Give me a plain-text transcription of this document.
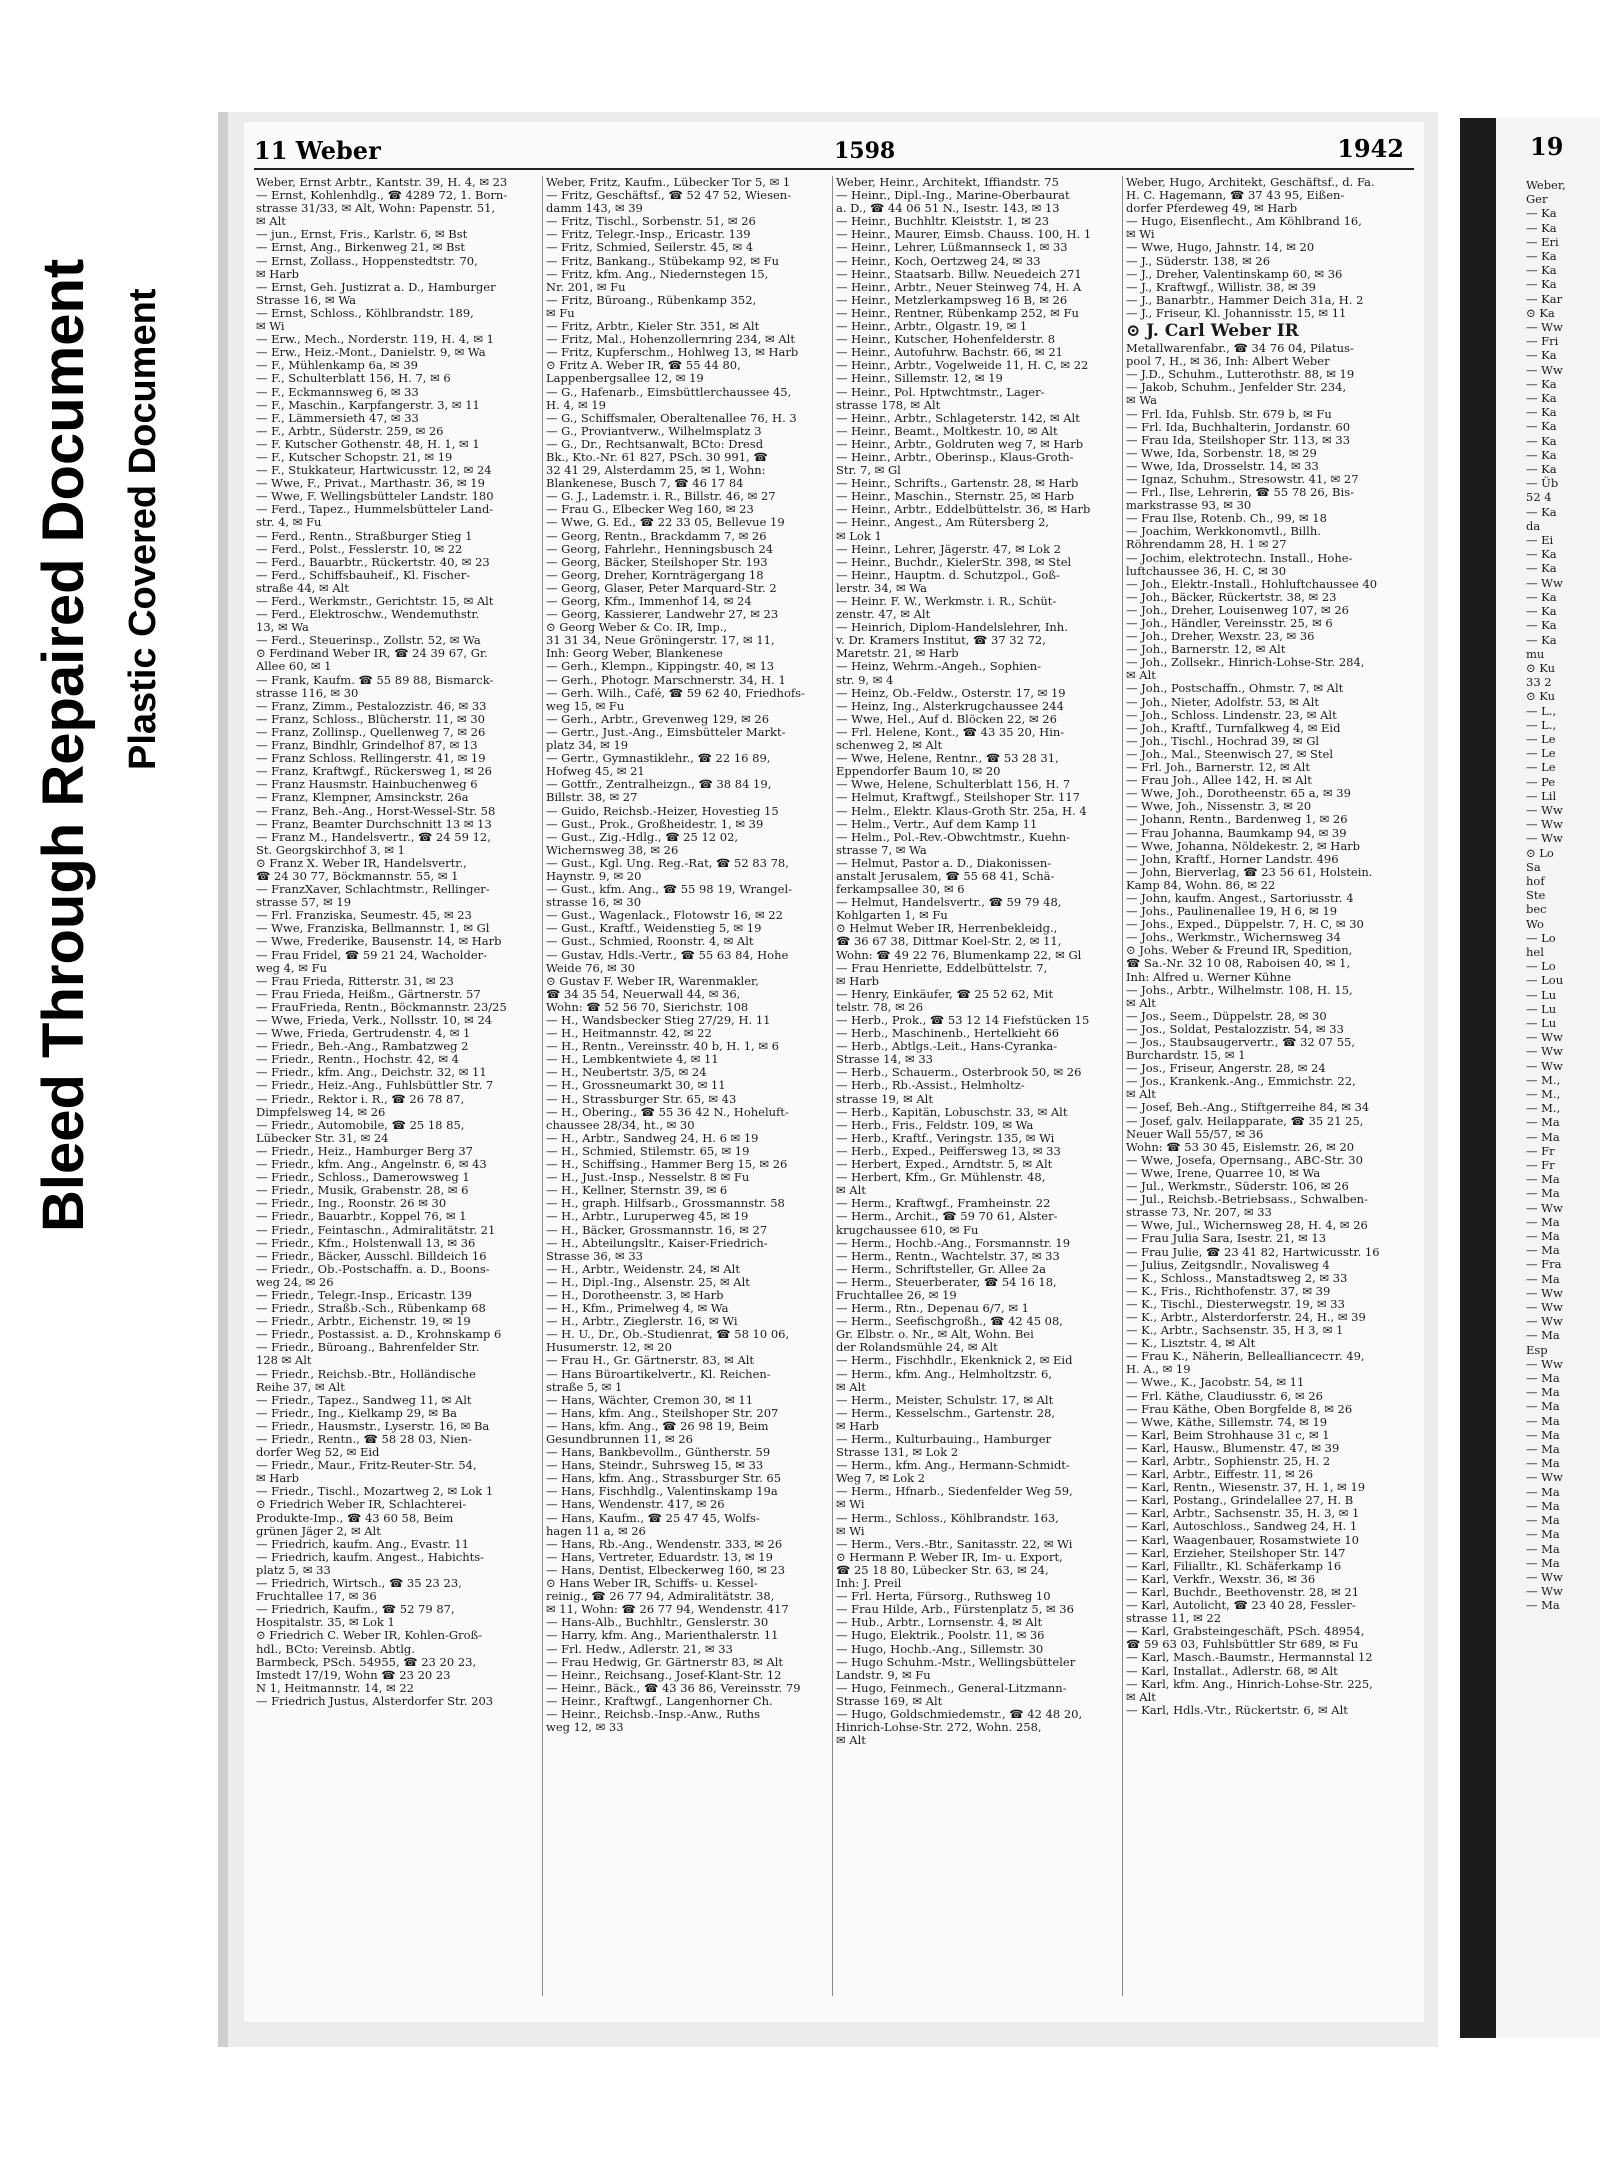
Bleed Through Repaired Document Plastic Covered Document
11 Weber	1598	1942
Weber, Ernst Arbtr., Kantstr. 39, H. 4, ✉ 23
— Ernst, Kohlenhdlg., ☎ 4289 72, 1. Born-
strasse 31/33, ✉ Alt, Wohn: Papenstr. 51,
✉ Alt
— jun., Ernst, Fris., Karlstr. 6, ✉ Bst
— Ernst, Ang., Birkenweg 21, ✉ Bst
— Ernst, Zollass., Hoppenstedtstr. 70,
✉ Harb
— Ernst, Geh. Justizrat a. D., Hamburger
Strasse 16, ✉ Wa
— Ernst, Schloss., Köhlbrandstr. 189,
✉ Wi
— Erw., Mech., Norderstr. 119, H. 4, ✉ 1
— Erw., Heiz.-Mont., Danielstr. 9, ✉ Wa
— F., Mühlenkamp 6a, ✉ 39
— F., Schulterblatt 156, H. 7, ✉ 6
— F., Eckmannsweg 6, ✉ 33
— F., Maschin., Karpfangerstr. 3, ✉ 11
— F., Lämmersieth 47, ✉ 33
— F., Arbtr., Süderstr. 259, ✉ 26
— F. Kutscher Gothenstr. 48, H. 1, ✉ 1
— F., Kutscher Schopstr. 21, ✉ 19
— F., Stukkateur, Hartwicusstr. 12, ✉ 24
— Wwe, F., Privat., Marthastr. 36, ✉ 19
— Wwe, F. Wellingsbütteler Landstr. 180
— Ferd., Tapez., Hummelsbütteler Land-
str. 4, ✉ Fu
— Ferd., Rentn., Straßburger Stieg 1
— Ferd., Polst., Fesslerstr. 10, ✉ 22
— Ferd., Bauarbtr., Rückertstr. 40, ✉ 23
— Ferd., Schiffsbauheif., Kl. Fischer-
straße 44, ✉ Alt
— Ferd., Werkmstr., Gerichtstr. 15, ✉ Alt
— Ferd., Elektroschw., Wendemuthstr.
13, ✉ Wa
— Ferd., Steuerinsp., Zollstr. 52, ✉ Wa
⊙ Ferdinand Weber IR, ☎ 24 39 67, Gr.
Allee 60, ✉ 1
— Frank, Kaufm. ☎ 55 89 88, Bismarck-
strasse 116, ✉ 30
— Franz, Zimm., Pestalozzistr. 46, ✉ 33
— Franz, Schloss., Blücherstr. 11, ✉ 30
— Franz, Zollinsp., Quellenweg 7, ✉ 26
— Franz, Bindhlr, Grindelhof 87, ✉ 13
— Franz Schloss. Rellingerstr. 41, ✉ 19
— Franz, Kraftwgf., Rückersweg 1, ✉ 26
— Franz Hausmstr. Hainbuchenweg 6
— Franz, Klempner, Amsinckstr. 26a
— Franz, Beh.-Ang., Horst-Wessel-Str. 58
— Franz, Beamter Durchschnitt 13 ✉ 13
— Franz M., Handelsvertr., ☎ 24 59 12,
St. Georgskirchhof 3, ✉ 1
⊙ Franz X. Weber IR, Handelsvertr.,
☎ 24 30 77, Böckmannstr. 55, ✉ 1
— FranzXaver, Schlachtmstr., Rellinger-
strasse 57, ✉ 19
— Frl. Franziska, Seumestr. 45, ✉ 23
— Wwe, Franziska, Bellmannstr. 1, ✉ Gl
— Wwe, Frederike, Bausenstr. 14, ✉ Harb
— Frau Fridel, ☎ 59 21 24, Wacholder-
weg 4, ✉ Fu
— Frau Frieda, Ritterstr. 31, ✉ 23
— Frau Frieda, Heißm., Gärtnerstr. 57
— FrauFrieda, Rentn., Böckmannstr. 23/25
— Wwe, Frieda, Verk., Nollsstr. 10, ✉ 24
— Wwe, Frieda, Gertrudenstr. 4, ✉ 1
— Friedr., Beh.-Ang., Rambatzweg 2
— Friedr., Rentn., Hochstr. 42, ✉ 4
— Friedr., kfm. Ang., Deichstr. 32, ✉ 11
— Friedr., Heiz.-Ang., Fuhlsbüttler Str. 7
— Friedr., Rektor i. R., ☎ 26 78 87,
Dimpfelsweg 14, ✉ 26
— Friedr., Automobile, ☎ 25 18 85,
Lübecker Str. 31, ✉ 24
— Friedr., Heiz., Hamburger Berg 37
— Friedr., kfm. Ang., Angelnstr. 6, ✉ 43
— Friedr., Schloss., Damerowsweg 1
— Friedr., Musik, Grabenstr. 28, ✉ 6
— Friedr., Ing., Roonstr. 26 ✉ 30
— Friedr., Bauarbtr., Koppel 76, ✉ 1
— Friedr., Feintaschn., Admiralitätstr. 21
— Friedr., Kfm., Holstenwall 13, ✉ 36
— Friedr., Bäcker, Ausschl. Billdeich 16
— Friedr., Ob.-Postschaffn. a. D., Boons-
weg 24, ✉ 26
— Friedr., Telegr.-Insp., Ericastr. 139
— Friedr., Straßb.-Sch., Rübenkamp 68
— Friedr., Arbtr., Eichenstr. 19, ✉ 19
— Friedr., Postassist. a. D., Krohnskamp 6
— Friedr., Büroang., Bahrenfelder Str.
128 ✉ Alt
— Friedr., Reichsb.-Btr., Holländische
Reihe 37, ✉ Alt
— Friedr., Tapez., Sandweg 11, ✉ Alt
— Friedr., Ing., Kielkamp 29, ✉ Ba
— Friedr., Hausmstr., Lyserstr. 16, ✉ Ba
— Friedr., Rentn., ☎ 58 28 03, Nien-
dorfer Weg 52, ✉ Eid
— Friedr., Maur., Fritz-Reuter-Str. 54,
✉ Harb
— Friedr., Tischl., Mozartweg 2, ✉ Lok 1
⊙ Friedrich Weber IR, Schlachterei-
Produkte-Imp., ☎ 43 60 58, Beim
grünen Jäger 2, ✉ Alt
— Friedrich, kaufm. Ang., Evastr. 11
— Friedrich, kaufm. Angest., Habichts-
platz 5, ✉ 33
— Friedrich, Wirtsch., ☎ 35 23 23,
Fruchtallee 17, ✉ 36
— Friedrich, Kaufm., ☎ 52 79 87,
Hospitalstr. 35, ✉ Lok 1
⊙ Friedrich C. Weber IR, Kohlen-Groß-
hdl., BCto: Vereinsb. Abtlg.
Barmbeck, PSch. 54955, ☎ 23 20 23,
Imstedt 17/19, Wohn ☎ 23 20 23
N 1, Heitmannstr. 14, ✉ 22
— Friedrich Justus, Alsterdorfer Str. 203
Weber, Fritz, Kaufm., Lübecker Tor 5, ✉ 1
— Fritz, Geschäftsf., ☎ 52 47 52, Wiesen-
damm 143, ✉ 39
— Fritz, Tischl., Sorbenstr. 51, ✉ 26
— Fritz, Telegr.-Insp., Ericastr. 139
— Fritz, Schmied, Seilerstr. 45, ✉ 4
— Fritz, Bankang., Stübekamp 92, ✉ Fu
— Fritz, kfm. Ang., Niedernstegen 15,
Nr. 201, ✉ Fu
— Fritz, Büroang., Rübenkamp 352,
✉ Fu
— Fritz, Arbtr., Kieler Str. 351, ✉ Alt
— Fritz, Mal., Hohenzollernring 234, ✉ Alt
— Fritz, Kupferschm., Hohlweg 13, ✉ Harb
⊙ Fritz A. Weber IR, ☎ 55 44 80,
Lappenbergsallee 12, ✉ 19
— G., Hafenarb., Eimsbüttlerchaussee 45,
H. 4, ✉ 19
— G., Schiffsmaler, Oberaltenallee 76, H. 3
— G., Proviantverw., Wilhelmsplatz 3
— G., Dr., Rechtsanwalt, BCto: Dresd
Bk., Kto.-Nr. 61 827, PSch. 30 991, ☎
32 41 29, Alsterdamm 25, ✉ 1, Wohn:
Blankenese, Busch 7, ☎ 46 17 84
— G. J., Lademstr. i. R., Billstr. 46, ✉ 27
— Frau G., Elbecker Weg 160, ✉ 23
— Wwe, G. Ed., ☎ 22 33 05, Bellevue 19
— Georg, Rentn., Brackdamm 7, ✉ 26
— Georg, Fahrlehr., Henningsbusch 24
— Georg, Bäcker, Steilshoper Str. 193
— Georg, Dreher, Kornträgergang 18
— Georg, Glaser, Peter Marquard-Str. 2
— Georg, Kfm., Immenhof 14, ✉ 24
— Georg, Kassierer, Landwehr 27, ✉ 23
⊙ Georg Weber & Co. IR, Imp.,
31 31 34, Neue Gröningerstr. 17, ✉ 11,
Inh: Georg Weber, Blankenese
— Gerh., Klempn., Kippingstr. 40, ✉ 13
— Gerh., Photogr. Marschnerstr. 34, H. 1
— Gerh. Wilh., Café, ☎ 59 62 40, Friedhofs-
weg 15, ✉ Fu
— Gerh., Arbtr., Grevenweg 129, ✉ 26
— Gertr., Just.-Ang., Eimsbütteler Markt-
platz 34, ✉ 19
— Gertr., Gymnastiklehr., ☎ 22 16 89,
Hofweg 45, ✉ 21
— Gottfr., Zentralheizgn., ☎ 38 84 19,
Billstr. 38, ✉ 27
— Guido, Reichsb.-Heizer, Hovestieg 15
— Gust., Prok., Großheidestr. 1, ✉ 39
— Gust., Zig.-Hdlg., ☎ 25 12 02,
Wichernsweg 38, ✉ 26
— Gust., Kgl. Ung. Reg.-Rat, ☎ 52 83 78,
Haynstr. 9, ✉ 20
— Gust., kfm. Ang., ☎ 55 98 19, Wrangel-
strasse 16, ✉ 30
— Gust., Wagenlack., Flotowstr 16, ✉ 22
— Gust., Kraftf., Weidenstieg 5, ✉ 19
— Gust., Schmied, Roonstr. 4, ✉ Alt
— Gustav, Hdls.-Vertr., ☎ 55 63 84, Hohe
Weide 76, ✉ 30
⊙ Gustav F. Weber IR, Warenmakler,
☎ 34 35 54, Neuerwall 44, ✉ 36,
Wohn: ☎ 52 56 70, Sierichstr. 108
— H., Wandsbecker Stieg 27/29, H. 11
— H., Heitmannstr. 42, ✉ 22
— H., Rentn., Vereinsstr. 40 b, H. 1, ✉ 6
— H., Lembkentwiete 4, ✉ 11
— H., Neubertstr. 3/5, ✉ 24
— H., Grossneumarkt 30, ✉ 11
— H., Strassburger Str. 65, ✉ 43
— H., Obering., ☎ 55 36 42 N., Hoheluft-
chaussee 28/34, ht., ✉ 30
— H., Arbtr., Sandweg 24, H. 6 ✉ 19
— H., Schmied, Stilemstr. 65, ✉ 19
— H., Schiffsing., Hammer Berg 15, ✉ 26
— H., Just.-Insp., Nesselstr. 8 ✉ Fu
— H., Kellner, Sternstr. 39, ✉ 6
— H., graph. Hilfsarb., Grossmannstr. 58
— H., Arbtr., Luruperweg 45, ✉ 19
— H., Bäcker, Grossmannstr. 16, ✉ 27
— H., Abteilungsltr., Kaiser-Friedrich-
Strasse 36, ✉ 33
— H., Arbtr., Weidenstr. 24, ✉ Alt
— H., Dipl.-Ing., Alsenstr. 25, ✉ Alt
— H., Dorotheenstr. 3, ✉ Harb
— H., Kfm., Primelweg 4, ✉ Wa
— H., Arbtr., Zieglerstr. 16, ✉ Wi
— H. U., Dr., Ob.-Studienrat, ☎ 58 10 06,
Husumerstr. 12, ✉ 20
— Frau H., Gr. Gärtnerstr. 83, ✉ Alt
— Hans Büroartikelvertr., Kl. Reichen-
straße 5, ✉ 1
— Hans, Wächter, Cremon 30, ✉ 11
— Hans, kfm. Ang., Steilshoper Str. 207
— Hans, kfm. Ang., ☎ 26 98 19, Beim
Gesundbrunnen 11, ✉ 26
— Hans, Bankbevollm., Güntherstr. 59
— Hans, Steindr., Suhrsweg 15, ✉ 33
— Hans, kfm. Ang., Strassburger Str. 65
— Hans, Fischhdlg., Valentinskamp 19a
— Hans, Wendenstr. 417, ✉ 26
— Hans, Kaufm., ☎ 25 47 45, Wolfs-
hagen 11 a, ✉ 26
— Hans, Rb.-Ang., Wendenstr. 333, ✉ 26
— Hans, Vertreter, Eduardstr. 13, ✉ 19
— Hans, Dentist, Elbeckerweg 160, ✉ 23
⊙ Hans Weber IR, Schiffs- u. Kessel-
reinig., ☎ 26 77 94, Admiralitätstr. 38,
✉ 11, Wohn: ☎ 26 77 94, Wendenstr. 417
— Hans-Alb., Buchhltr., Genslerstr. 30
— Harry, kfm. Ang., Marienthalerstr. 11
— Frl. Hedw., Adlerstr. 21, ✉ 33
— Frau Hedwig, Gr. Gärtnerstr 83, ✉ Alt
— Heinr., Reichsang., Josef-Klant-Str. 12
— Heinr., Bäck., ☎ 43 36 86, Vereinsstr. 79
— Heinr., Kraftwgf., Langenhorner Ch.
— Heinr., Reichsb.-Insp.-Anw., Ruths
weg 12, ✉ 33
Weber, Heinr., Architekt, Iffiandstr. 75
— Heinr., Dipl.-Ing., Marine-Oberbaurat
a. D., ☎ 44 06 51 N., Isestr. 143, ✉ 13
— Heinr., Buchhltr. Kleiststr. 1, ✉ 23
— Heinr., Maurer, Eimsb. Chauss. 100, H. 1
— Heinr., Lehrer, Lüßmannseck 1, ✉ 33
— Heinr., Koch, Oertzweg 24, ✉ 33
— Heinr., Staatsarb. Billw. Neuedeich 271
— Heinr., Arbtr., Neuer Steinweg 74, H. A
— Heinr., Metzlerkampsweg 16 B, ✉ 26
— Heinr., Rentner, Rübenkamp 252, ✉ Fu
— Heinr., Arbtr., Olgastr. 19, ✉ 1
— Heinr., Kutscher, Hohenfelderstr. 8
— Heinr., Autofuhrw. Bachstr. 66, ✉ 21
— Heinr., Arbtr., Vogelweide 11, H. C, ✉ 22
— Heinr., Sillemstr. 12, ✉ 19
— Heinr., Pol. Hptwchtmstr., Lager-
strasse 178, ✉ Alt
— Heinr., Arbtr., Schlageterstr. 142, ✉ Alt
— Heinr., Beamt., Moltkestr. 10, ✉ Alt
— Heinr., Arbtr., Goldruten weg 7, ✉ Harb
— Heinr., Arbtr., Oberinsp., Klaus-Groth-
Str. 7, ✉ Gl
— Heinr., Schrifts., Gartenstr. 28, ✉ Harb
— Heinr., Maschin., Sternstr. 25, ✉ Harb
— Heinr., Arbtr., Eddelbüttelstr. 36, ✉ Harb
— Heinr., Angest., Am Rütersberg 2,
✉ Lok 1
— Heinr., Lehrer, Jägerstr. 47, ✉ Lok 2
— Heinr., Buchdr., KielerStr. 398, ✉ Stel
— Heinr., Hauptm. d. Schutzpol., Goß-
lerstr. 34, ✉ Wa
— Heinr. F. W., Werkmstr. i. R., Schüt-
zenstr. 47, ✉ Alt
— Heinrich, Diplom-Handelslehrer, Inh.
v. Dr. Kramers Institut, ☎ 37 32 72,
Maretstr. 21, ✉ Harb
— Heinz, Wehrm.-Angeh., Sophien-
str. 9, ✉ 4
— Heinz, Ob.-Feldw., Osterstr. 17, ✉ 19
— Heinz, Ing., Alsterkrugchaussee 244
— Wwe, Hel., Auf d. Blöcken 22, ✉ 26
— Frl. Helene, Kont., ☎ 43 35 20, Hin-
schenweg 2, ✉ Alt
— Wwe, Helene, Rentnr., ☎ 53 28 31,
Eppendorfer Baum 10, ✉ 20
— Wwe, Helene, Schulterblatt 156, H. 7
— Helmut, Kraftwgf., Steilshoper Str. 117
— Helm., Elektr. Klaus-Groth Str. 25a, H. 4
— Helm., Vertr., Auf dem Kamp 11
— Helm., Pol.-Rev.-Obwchtmstr., Kuehn-
strasse 7, ✉ Wa
— Helmut, Pastor a. D., Diakonissen-
anstalt Jerusalem, ☎ 55 68 41, Schä-
ferkampsallee 30, ✉ 6
— Helmut, Handelsvertr., ☎ 59 79 48,
Kohlgarten 1, ✉ Fu
⊙ Helmut Weber IR, Herrenbekleidg.,
☎ 36 67 38, Dittmar Koel-Str. 2, ✉ 11,
Wohn: ☎ 49 22 76, Blumenkamp 22, ✉ Gl
— Frau Henriette, Eddelbüttelstr. 7,
✉ Harb
— Henry, Einkäufer, ☎ 25 52 62, Mit
telstr. 78, ✉ 26
— Herb., Prok., ☎ 53 12 14 Fiefstücken 15
— Herb., Maschinenb., Hertelkieht 66
— Herb., Abtlgs.-Leit., Hans-Cyranka-
Strasse 14, ✉ 33
— Herb., Schauerm., Osterbrook 50, ✉ 26
— Herb., Rb.-Assist., Helmholtz-
strasse 19, ✉ Alt
— Herb., Kapitän, Lobuschstr. 33, ✉ Alt
— Herb., Fris., Feldstr. 109, ✉ Wa
— Herb., Kraftf., Veringstr. 135, ✉ Wi
— Herb., Exped., Peiffersweg 13, ✉ 33
— Herbert, Exped., Arndtstr. 5, ✉ Alt
— Herbert, Kfm., Gr. Mühlenstr. 48,
✉ Alt
— Herm., Kraftwgf., Framheinstr. 22
— Herm., Archit., ☎ 59 70 61, Alster-
krugchaussee 610, ✉ Fu
— Herm., Hochb.-Ang., Forsmannstr. 19
— Herm., Rentn., Wachtelstr. 37, ✉ 33
— Herm., Schriftsteller, Gr. Allee 2a
— Herm., Steuerberater, ☎ 54 16 18,
Fruchtallee 26, ✉ 19
— Herm., Rtn., Depenau 6/7, ✉ 1
— Herm., Seefischgroßh., ☎ 42 45 08,
Gr. Elbstr. o. Nr., ✉ Alt, Wohn. Bei
der Rolandsmühle 24, ✉ Alt
— Herm., Fischhdlr., Ekenknick 2, ✉ Eid
— Herm., kfm. Ang., Helmholtzstr. 6,
✉ Alt
— Herm., Meister, Schulstr. 17, ✉ Alt
— Herm., Kesselschm., Gartenstr. 28,
✉ Harb
— Herm., Kulturbauing., Hamburger
Strasse 131, ✉ Lok 2
— Herm., kfm. Ang., Hermann-Schmidt-
Weg 7, ✉ Lok 2
— Herm., Hfnarb., Siedenfelder Weg 59,
✉ Wi
— Herm., Schloss., Köhlbrandstr. 163,
✉ Wi
— Herm., Vers.-Btr., Sanitasstr. 22, ✉ Wi
⊙ Hermann P. Weber IR, Im- u. Export,
☎ 25 18 80, Lübecker Str. 63, ✉ 24,
Inh: J. Preil
— Frl. Herta, Fürsorg., Ruthsweg 10
— Frau Hilde, Arb., Fürstenplatz 5, ✉ 36
— Hub., Arbtr., Lornsenstr. 4, ✉ Alt
— Hugo, Elektrik., Poolstr. 11, ✉ 36
— Hugo, Hochb.-Ang., Sillemstr. 30
— Hugo Schuhm.-Mstr., Wellingsbütteler
Landstr. 9, ✉ Fu
— Hugo, Feinmech., General-Litzmann-
Strasse 169, ✉ Alt
— Hugo, Goldschmiedemstr., ☎ 42 48 20,
Hinrich-Lohse-Str. 272, Wohn. 258,
✉ Alt
Weber, Hugo, Architekt, Geschäftsf., d. Fa.
H. C. Hagemann, ☎ 37 43 95, Eißen-
dorfer Pferdeweg 49, ✉ Harb
— Hugo, Eisenflecht., Am Köhlbrand 16,
✉ Wi
— Wwe, Hugo, Jahnstr. 14, ✉ 20
— J., Süderstr. 138, ✉ 26
— J., Dreher, Valentinskamp 60, ✉ 36
— J., Kraftwgf., Willistr. 38, ✉ 39
— J., Banarbtr., Hammer Deich 31a, H. 2
— J., Friseur, Kl. Johannisstr. 15, ✉ 11
⊙ J. Carl Weber IR
Metallwarenfabr., ☎ 34 76 04, Pilatus-
pool 7, H., ✉ 36, Inh: Albert Weber
— J.D., Schuhm., Lutterothstr. 88, ✉ 19
— Jakob, Schuhm., Jenfelder Str. 234,
✉ Wa
— Frl. Ida, Fuhlsb. Str. 679 b, ✉ Fu
— Frl. Ida, Buchhalterin, Jordanstr. 60
— Frau Ida, Steilshoper Str. 113, ✉ 33
— Wwe, Ida, Sorbenstr. 18, ✉ 29
— Wwe, Ida, Drosselstr. 14, ✉ 33
— Ignaz, Schuhm., Stresowstr. 41, ✉ 27
— Frl., Ilse, Lehrerin, ☎ 55 78 26, Bis-
markstrasse 93, ✉ 30
— Frau Ilse, Rotenb. Ch., 99, ✉ 18
— Joachim, Werkkonomvtl., Billh.
Röhrendamm 28, H. 1 ✉ 27
— Jochim, elektrotechn. Install., Hohe-
luftchaussee 36, H. C, ✉ 30
— Joh., Elektr.-Install., Hohluftchaussee 40
— Joh., Bäcker, Rückertstr. 38, ✉ 23
— Joh., Dreher, Louisenweg 107, ✉ 26
— Joh., Händler, Vereinsstr. 25, ✉ 6
— Joh., Dreher, Wexstr. 23, ✉ 36
— Joh., Barnerstr. 12, ✉ Alt
— Joh., Zollsekr., Hinrich-Lohse-Str. 284,
✉ Alt
— Joh., Postschaffn., Ohmstr. 7, ✉ Alt
— Joh., Nieter, Adolfstr. 53, ✉ Alt
— Joh., Schloss. Lindenstr. 23, ✉ Alt
— Joh., Kraftf., Turnfalkweg 4, ✉ Eid
— Joh., Tischl., Hochrad 39, ✉ Gl
— Joh., Mal., Steenwisch 27, ✉ Stel
— Frl. Joh., Barnerstr. 12, ✉ Alt
— Frau Joh., Allee 142, H. ✉ Alt
— Wwe, Joh., Dorotheenstr. 65 a, ✉ 39
— Wwe, Joh., Nissenstr. 3, ✉ 20
— Johann, Rentn., Bardenweg 1, ✉ 26
— Frau Johanna, Baumkamp 94, ✉ 39
— Wwe, Johanna, Nöldekestr. 2, ✉ Harb
— John, Kraftf., Horner Landstr. 496
— John, Bierverlag, ☎ 23 56 61, Holstein.
Kamp 84, Wohn. 86, ✉ 22
— John, kaufm. Angest., Sartoriusstr. 4
— Johs., Paulinenallee 19, H 6, ✉ 19
— Johs., Exped., Düppelstr. 7, H. C, ✉ 30
— Johs., Werkmstr., Wichernsweg 34
⊙ Johs. Weber & Freund IR, Spedition,
☎ Sa.-Nr. 32 10 08, Raboisen 40, ✉ 1,
Inh: Alfred u. Werner Kühne
— Johs., Arbtr., Wilhelmstr. 108, H. 15,
✉ Alt
— Jos., Seem., Düppelstr. 28, ✉ 30
— Jos., Soldat, Pestalozzistr. 54, ✉ 33
— Jos., Staubsaugervertr., ☎ 32 07 55,
Burchardstr. 15, ✉ 1
— Jos., Friseur, Angerstr. 28, ✉ 24
— Jos., Krankenk.-Ang., Emmichstr. 22,
✉ Alt
— Josef, Beh.-Ang., Stiftgerreihe 84, ✉ 34
— Josef, galv. Heilapparate, ☎ 35 21 25,
Neuer Wall 55/57, ✉ 36
Wohn: ☎ 53 30 45, Eislemstr. 26, ✉ 20
— Wwe, Josefa, Opernsang., ABC-Str. 30
— Wwe, Irene, Quarree 10, ✉ Wa
— Jul., Werkmstr., Süderstr. 106, ✉ 26
— Jul., Reichsb.-Betriebsass., Schwalben-
strasse 73, Nr. 207, ✉ 33
— Wwe, Jul., Wichernsweg 28, H. 4, ✉ 26
— Frau Julia Sara, Isestr. 21, ✉ 13
— Frau Julie, ☎ 23 41 82, Hartwicusstr. 16
— Julius, Zeitgsndlr., Novalisweg 4
— K., Schloss., Manstadtsweg 2, ✉ 33
— K., Fris., Richthofenstr. 37, ✉ 39
— K., Tischl., Diesterwegstr. 19, ✉ 33
— K., Arbtr., Alsterdorferstr. 24, H., ✉ 39
— K., Arbtr., Sachsenstr. 35, H 3, ✉ 1
— K., Lisztstr. 4, ✉ Alt
— Frau K., Näherin, Belleallianceстr. 49,
H. A., ✉ 19
— Wwe., K., Jacobstr. 54, ✉ 11
— Frl. Käthe, Claudiusstr. 6, ✉ 26
— Frau Käthe, Oben Borgfelde 8, ✉ 26
— Wwe, Käthe, Sillemstr. 74, ✉ 19
— Karl, Beim Strohhause 31 c, ✉ 1
— Karl, Hausw., Blumenstr. 47, ✉ 39
— Karl, Arbtr., Sophienstr. 25, H. 2
— Karl, Arbtr., Eiffestr. 11, ✉ 26
— Karl, Rentn., Wiesenstr. 37, H. 1, ✉ 19
— Karl, Postang., Grindelallee 27, H. B
— Karl, Arbtr., Sachsenstr. 35, H. 3, ✉ 1
— Karl, Autoschloss., Sandweg 24, H. 1
— Karl, Waagenbauer, Rosamstwiete 10
— Karl, Erzieher, Steilshoper Str. 147
— Karl, Filialltr., Kl. Schäferkamp 16
— Karl, Verkfr., Wexstr. 36, ✉ 36
— Karl, Buchdr., Beethovenstr. 28, ✉ 21
— Karl, Autolicht, ☎ 23 40 28, Fessler-
strasse 11, ✉ 22
— Karl, Grabsteingeschäft, PSch. 48954,
☎ 59 63 03, Fuhlsbüttler Str 689, ✉ Fu
— Karl, Masch.-Baumstr., Hermannstal 12
— Karl, Installat., Adlerstr. 68, ✉ Alt
— Karl, kfm. Ang., Hinrich-Lohse-Str. 225,
✉ Alt
— Karl, Hdls.-Vtr., Rückertstr. 6, ✉ Alt
19
Weber,
Ger
— Ka
— Ka
— Eri
— Ka
— Ka
— Ka
— Kar
⊙ Ka
— Ww
— Fri
— Ka
— Ww
— Ka
— Ka
— Ka
— Ka
— Ka
— Ka
— Ka
— Üb
52 4
— Ka
da
— Ei
— Ka
— Ka
— Ww
— Ka
— Ka
— Ka
— Ka
mu
⊙ Ku
33 2
⊙ Ku
— L.,
— L.,
— Le
— Le
— Le
— Pe
— Lil
— Ww
— Ww
— Ww
⊙ Lo
Sa
hof
Ste
bec
Wo
— Lo
hel
— Lo
— Lou
— Lu
— Lu
— Lu
— Ww
— Ww
— Ww
— M.,
— M.,
— M.,
— Ma
— Ma
— Fr
— Fr
— Ma
— Ma
— Ww
— Ma
— Ma
— Ma
— Fra
— Ma
— Ww
— Ww
— Ww
— Ma
Esp
— Ww
— Ma
— Ma
— Ma
— Ma
— Ma
— Ma
— Ma
— Ww
— Ma
— Ma
— Ma
— Ma
— Ma
— Ma
— Ww
— Ww
— Ma
